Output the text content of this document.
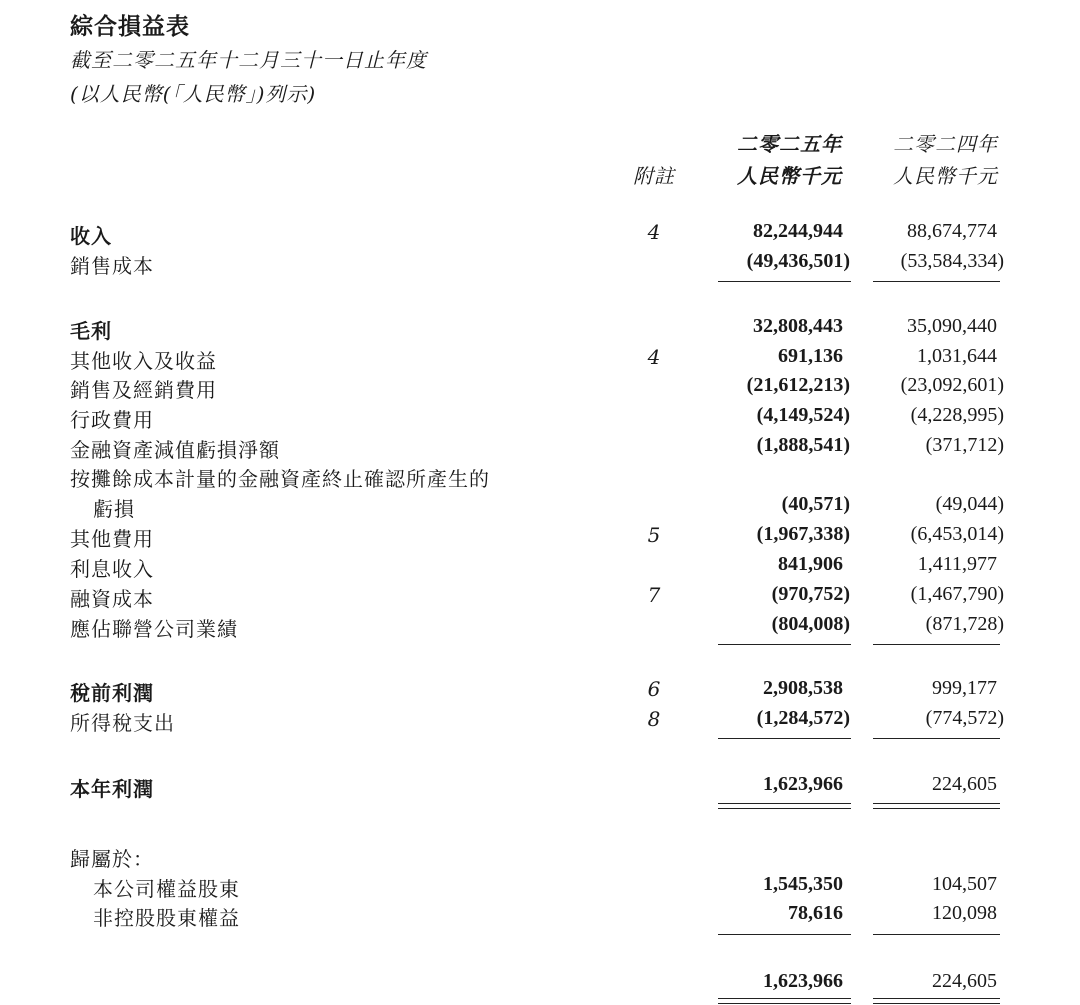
綜合損益表
截至二零二五年十二月三十一日止年度
(以人民幣(「人民幣」)列示)
二零二五年	二零二四年
附註	人民幣千元	人民幣千元
收入	4	82,244,944	88,674,774
銷售成本	(49,436,501)	(53,584,334)
毛利	32,808,443	35,090,440
其他收入及收益	4	691,136	1,031,644
銷售及經銷費用	(21,612,213)	(23,092,601)
行政費用	(4,149,524)	(4,228,995)
金融資產減值虧損淨額	(1,888,541)	(371,712)
按攤餘成本計量的金融資產終止確認所產生的
虧損	(40,571)	(49,044)
其他費用	5	(1,967,338)	(6,453,014)
利息收入	841,906	1,411,977
融資成本	7	(970,752)	(1,467,790)
應佔聯營公司業績	(804,008)	(871,728)
稅前利潤	6	2,908,538	999,177
所得稅支出	8	(1,284,572)	(774,572)
本年利潤	1,623,966	224,605
歸屬於：
本公司權益股東	1,545,350	104,507
非控股股東權益	78,616	120,098
1,623,966	224,605
